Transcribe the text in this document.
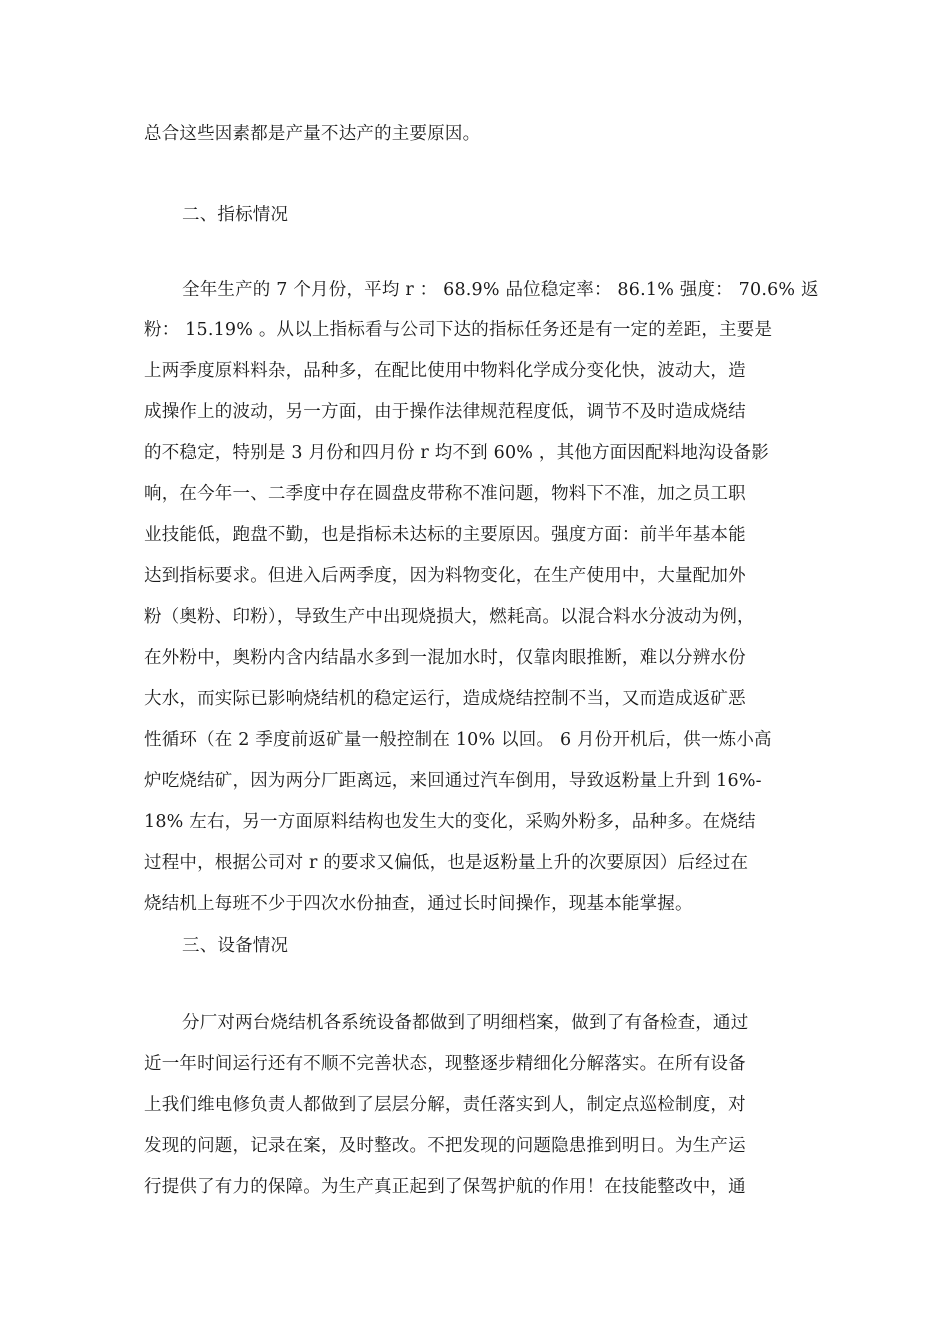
总合这些因素都是产量不达产的主要原因。
二、指标情况
全年生产的 7 个月份，平均 r ： 68.9% 品位稳定率： 86.1% 强度： 70.6% 返
粉： 15.19% 。从以上指标看与公司下达的指标任务还是有一定的差距，主要是
上两季度原料料杂，品种多，在配比使用中物料化学成分变化快，波动大，造
成操作上的波动，另一方面，由于操作法律规范程度低，调节不及时造成烧结
的不稳定，特别是 3 月份和四月份 r 均不到 60% ，其他方面因配料地沟设备影
响，在今年一、二季度中存在圆盘皮带称不准问题，物料下不准，加之员工职
业技能低，跑盘不勤，也是指标未达标的主要原因。强度方面：前半年基本能
达到指标要求。但进入后两季度，因为料物变化，在生产使用中，大量配加外
粉（奥粉、印粉），导致生产中出现烧损大，燃耗高。以混合料水分波动为例，
在外粉中，奥粉内含内结晶水多到一混加水时，仅靠肉眼推断，难以分辨水份
大水，而实际已影响烧结机的稳定运行，造成烧结控制不当，又而造成返矿恶
性循环（在 2 季度前返矿量一般控制在 10% 以回。 6 月份开机后，供一炼小高
炉吃烧结矿，因为两分厂距离远，来回通过汽车倒用，导致返粉量上升到 16%-
18% 左右，另一方面原料结构也发生大的变化，采购外粉多，品种多。在烧结
过程中，根据公司对 r 的要求又偏低，也是返粉量上升的次要原因）后经过在
烧结机上每班不少于四次水份抽查，通过长时间操作，现基本能掌握。
三、设备情况
分厂对两台烧结机各系统设备都做到了明细档案，做到了有备检查，通过
近一年时间运行还有不顺不完善状态，现整逐步精细化分解落实。在所有设备
上我们维电修负责人都做到了层层分解，责任落实到人，制定点巡检制度，对
发现的问题，记录在案，及时整改。不把发现的问题隐患推到明日。为生产运
行提供了有力的保障。为生产真正起到了保驾护航的作用！在技能整改中，通
